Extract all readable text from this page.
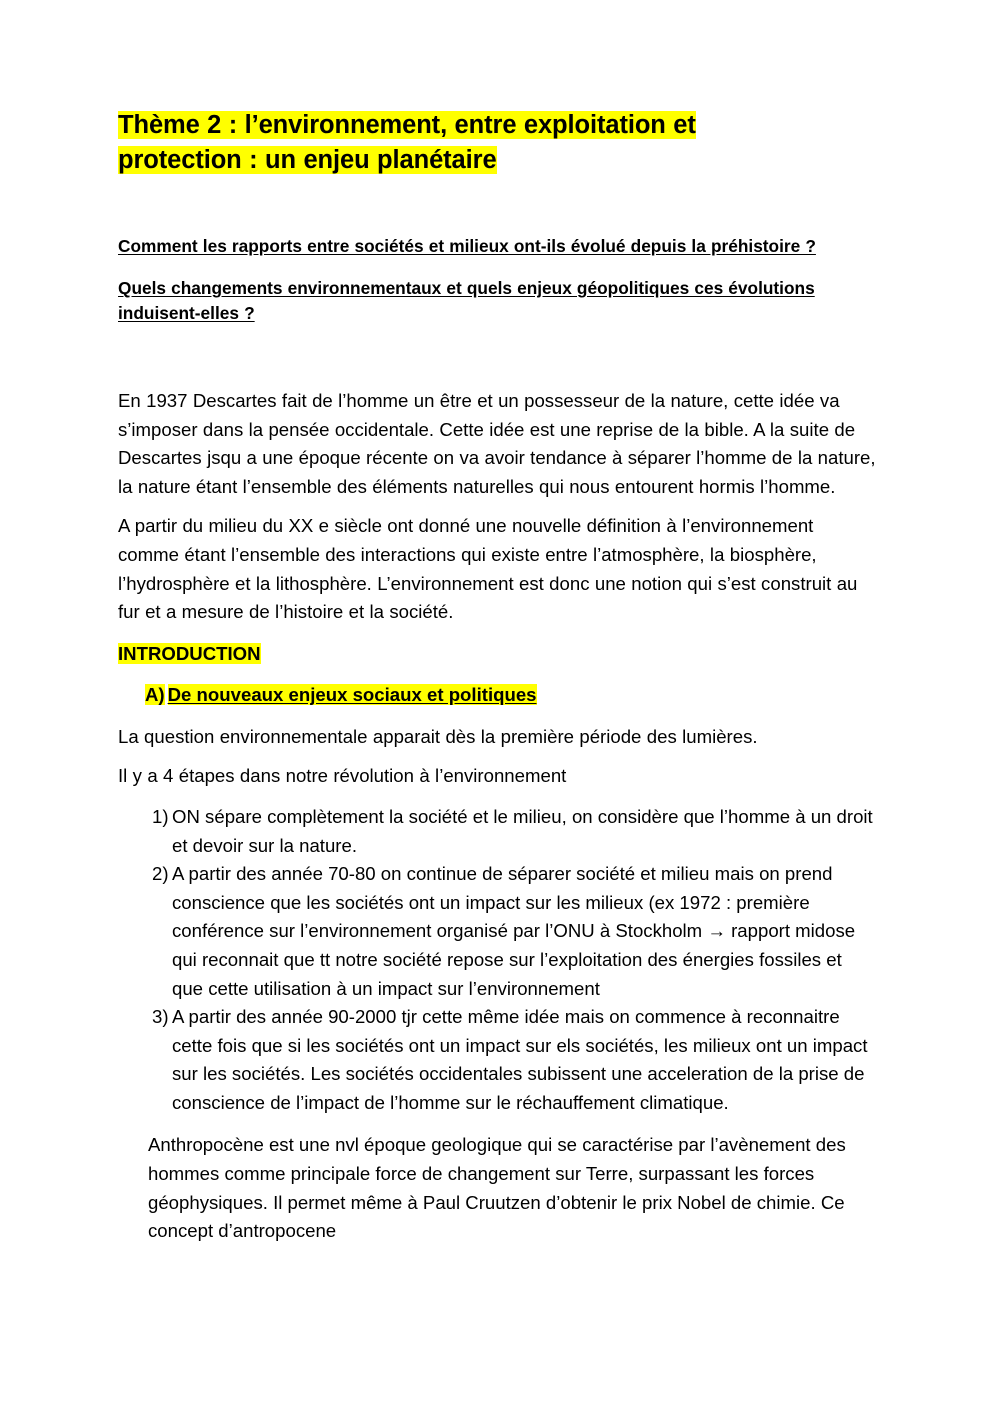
Thème 2 : l’environnement, entre exploitation et
protection : un enjeu planétaire

Comment les rapports entre sociétés et milieux ont-ils évolué depuis la préhistoire ?

Quels changements environnementaux et quels enjeux géopolitiques ces évolutions induisent-elles ?

En 1937 Descartes fait de l’homme un être et un possesseur de la nature, cette idée va s’imposer dans la pensée occidentale. Cette idée est une reprise de la bible. A la suite de Descartes jsqu a une époque récente on va avoir tendance à séparer l’homme de la nature, la nature étant l’ensemble des éléments naturelles qui nous entourent hormis l’homme.

A partir du milieu du XX e siècle ont donné une nouvelle définition à l’environnement comme étant l’ensemble des interactions qui existe entre l’atmosphère, la biosphère, l’hydrosphère et la lithosphère. L’environnement est donc une notion qui s’est construit au fur et a mesure de l’histoire et la société.

INTRODUCTION

A) De nouveaux enjeux sociaux et politiques

La question environnementale apparait dès la première période des lumières.

Il y a 4 étapes dans notre révolution à l’environnement

1) ON sépare complètement la société et le milieu, on considère que l’homme à un droit et devoir sur la nature.
2) A partir des année 70-80 on continue de séparer société et milieu mais on prend conscience que les sociétés ont un impact sur les milieux (ex 1972 : première conférence sur l’environnement organisé par l’ONU à Stockholm → rapport midose qui reconnait que tt notre société repose sur l’exploitation des énergies fossiles et que cette utilisation à un impact sur l’environnement
3) A partir des année 90-2000 tjr cette même idée mais on commence à reconnaitre cette fois que si les sociétés ont un impact sur els sociétés, les milieux ont un impact sur les sociétés. Les sociétés occidentales subissent une acceleration de la prise de conscience de l’impact de l’homme sur le réchauffement climatique.

Anthropocène est une nvl époque geologique qui se caractérise par l’avènement des hommes comme principale force de changement sur Terre, surpassant les forces géophysiques. Il permet même à Paul Cruutzen d’obtenir le prix Nobel de chimie. Ce concept d’antropocene
